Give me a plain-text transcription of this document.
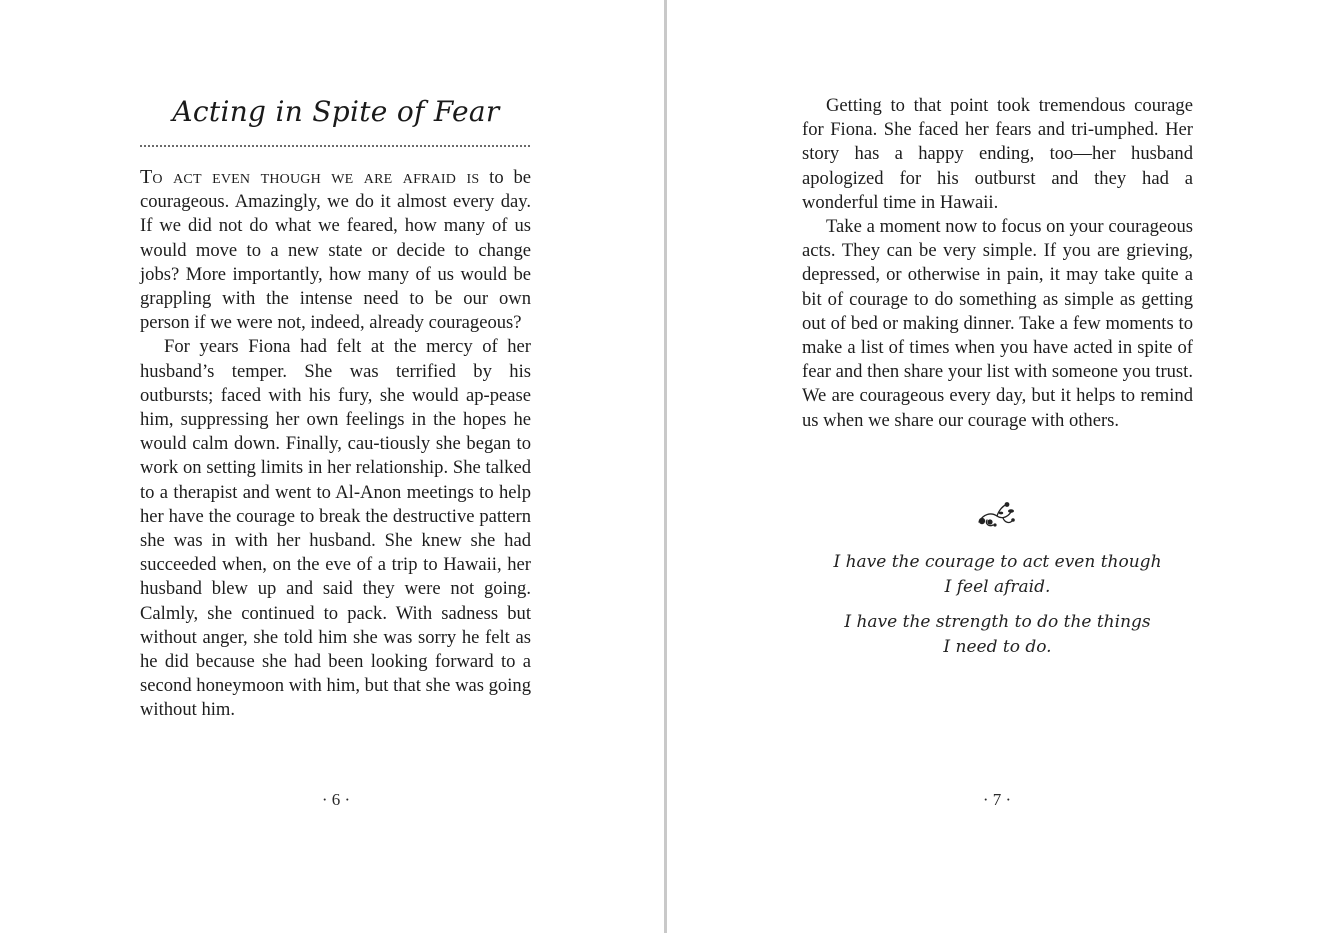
Acting in Spite of Fear

To act even though we are afraid is to be courageous. Amazingly, we do it almost every day. If we did not do what we feared, how many of us would move to a new state or decide to change jobs? More importantly, how many of us would be grappling with the intense need to be our own person if we were not, indeed, already courageous?

For years Fiona had felt at the mercy of her husband’s temper. She was terrified by his outbursts; faced with his fury, she would ap-pease him, suppressing her own feelings in the hopes he would calm down. Finally, cau-tiously she began to work on setting limits in her relationship. She talked to a therapist and went to Al-Anon meetings to help her have the courage to break the destructive pattern she was in with her husband. She knew she had succeeded when, on the eve of a trip to Hawaii, her husband blew up and said they were not going. Calmly, she continued to pack. With sadness but without anger, she told him she was sorry he felt as he did because she had been looking forward to a second honeymoon with him, but that she was going without him.

· 6 ·

Getting to that point took tremendous courage for Fiona. She faced her fears and tri-umphed. Her story has a happy ending, too—her husband apologized for his outburst and they had a wonderful time in Hawaii.

Take a moment now to focus on your courageous acts. They can be very simple. If you are grieving, depressed, or otherwise in pain, it may take quite a bit of courage to do something as simple as getting out of bed or making dinner. Take a few moments to make a list of times when you have acted in spite of fear and then share your list with someone you trust. We are courageous every day, but it helps to remind us when we share our courage with others.

I have the courage to act even though
I feel afraid.
I have the strength to do the things
I need to do.
· 7 ·
